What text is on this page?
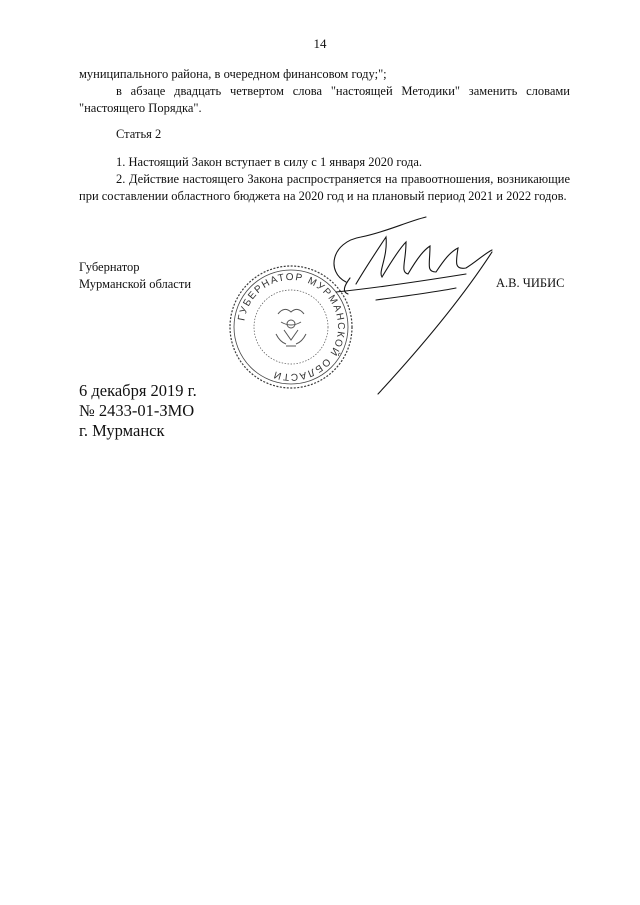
14
муниципального района, в очередном финансовом году;";
в абзаце двадцать четвертом слова "настоящей Методики" заменить словами "настоящего Порядка".
Статья 2
1. Настоящий Закон вступает в силу с 1 января 2020 года.
2. Действие настоящего Закона распространяется на правоотношения, возникающие при составлении областного бюджета на 2020 год и на плановый период 2021 и 2022 годов.
Губернатор
Мурманской области
ГУБЕРНАТОР МУРМАНСКОЙ ОБЛАСТИ
А.В. ЧИБИС
6 декабря 2019 г.
№ 2433-01-ЗМО
г. Мурманск
